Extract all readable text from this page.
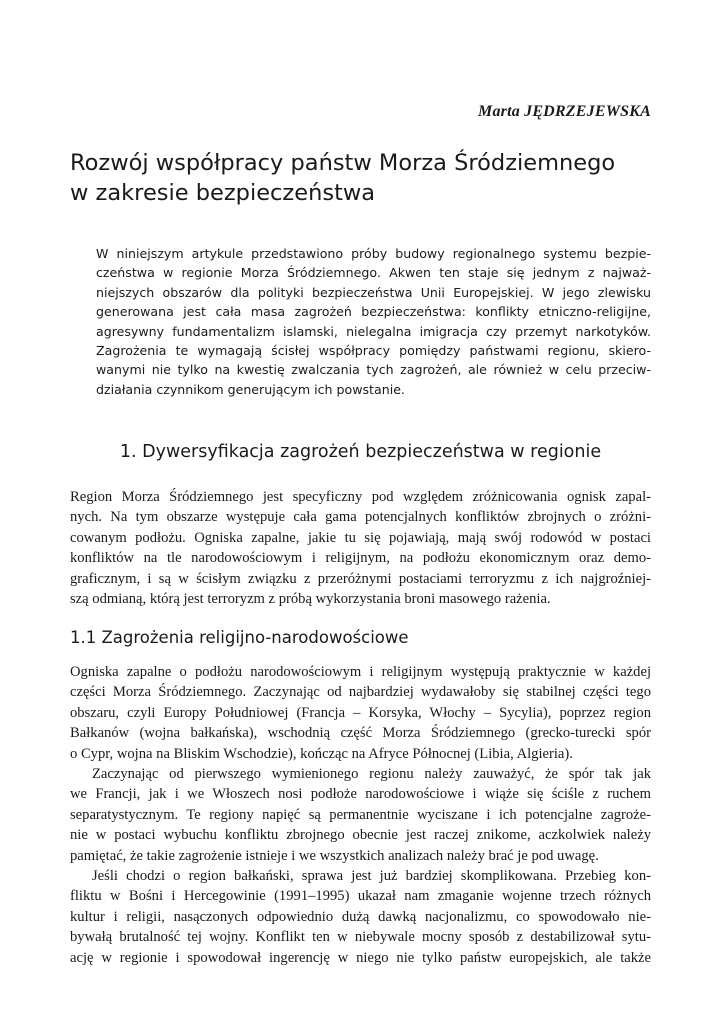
Marta JĘDRZEJEWSKA
Rozwój współpracy państw Morza Śródziemnego
w zakresie bezpieczeństwa
W niniejszym artykule przedstawiono próby budowy regionalnego systemu bezpie-
czeństwa w regionie Morza Śródziemnego. Akwen ten staje się jednym z najważ-
niejszych obszarów dla polityki bezpieczeństwa Unii Europejskiej. W jego zlewisku
generowana jest cała masa zagrożeń bezpieczeństwa: konflikty etniczno-religijne,
agresywny fundamentalizm islamski, nielegalna imigracja czy przemyt narkotyków.
Zagrożenia te wymagają ścisłej współpracy pomiędzy państwami regionu, skiero-
wanymi nie tylko na kwestię zwalczania tych zagrożeń, ale również w celu przeciw-
działania czynnikom generującym ich powstanie.
1. Dywersyfikacja zagrożeń bezpieczeństwa w regionie
Region Morza Śródziemnego jest specyficzny pod względem zróżnicowania ognisk zapal-
nych. Na tym obszarze występuje cała gama potencjalnych konfliktów zbrojnych o zróżni-
cowanym podłożu. Ogniska zapalne, jakie tu się pojawiają, mają swój rodowód w postaci
konfliktów na tle narodowościowym i religijnym, na podłożu ekonomicznym oraz demo-
graficznym, i są w ścisłym związku z przeróżnymi postaciami terroryzmu z ich najgroźniej-
szą odmianą, którą jest terroryzm z próbą wykorzystania broni masowego rażenia.
1.1 Zagrożenia religijno-narodowościowe
Ogniska zapalne o podłożu narodowościowym i religijnym występują praktycznie w każdej
części Morza Śródziemnego. Zaczynając od najbardziej wydawałoby się stabilnej części tego
obszaru, czyli Europy Południowej (Francja – Korsyka, Włochy – Sycylia), poprzez region
Bałkanów (wojna bałkańska), wschodnią część Morza Śródziemnego (grecko-turecki spór
o Cypr, wojna na Bliskim Wschodzie), kończąc na Afryce Północnej (Libia, Algieria).
Zaczynając od pierwszego wymienionego regionu należy zauważyć, że spór tak jak
we Francji, jak i we Włoszech nosi podłoże narodowościowe i wiąże się ściśle z ruchem
separatystycznym. Te regiony napięć są permanentnie wyciszane i ich potencjalne zagroże-
nie w postaci wybuchu konfliktu zbrojnego obecnie jest raczej znikome, aczkolwiek należy
pamiętać, że takie zagrożenie istnieje i we wszystkich analizach należy brać je pod uwagę.
Jeśli chodzi o region bałkański, sprawa jest już bardziej skomplikowana. Przebieg kon-
fliktu w Bośni i Hercegowinie (1991–1995) ukazał nam zmaganie wojenne trzech różnych
kultur i religii, nasączonych odpowiednio dużą dawką nacjonalizmu, co spowodowało nie-
bywałą brutalność tej wojny. Konflikt ten w niebywale mocny sposób z destabilizował sytu-
ację w regionie i spowodował ingerencję w niego nie tylko państw europejskich, ale także
